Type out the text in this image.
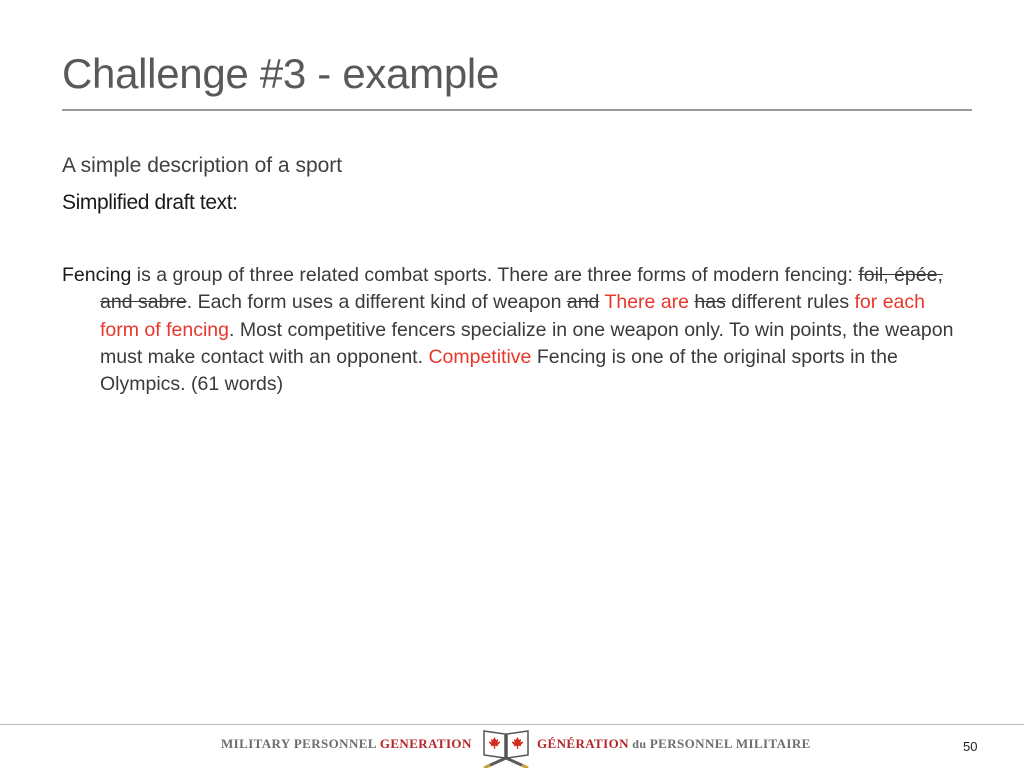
Challenge #3 - example
A simple description of a sport
Simplified draft text:
Fencing is a group of three related combat sports. There are three forms of modern fencing: foil, épée, and sabre. Each form uses a different kind of weapon and There are has different rules for each form of fencing. Most competitive fencers specialize in one weapon only. To win points, the weapon must make contact with an opponent. Competitive Fencing is one of the original sports in the Olympics. (61 words)
MILITARY PERSONNEL GENERATION	GÉNÉRATION du PERSONNEL MILITAIRE	50
